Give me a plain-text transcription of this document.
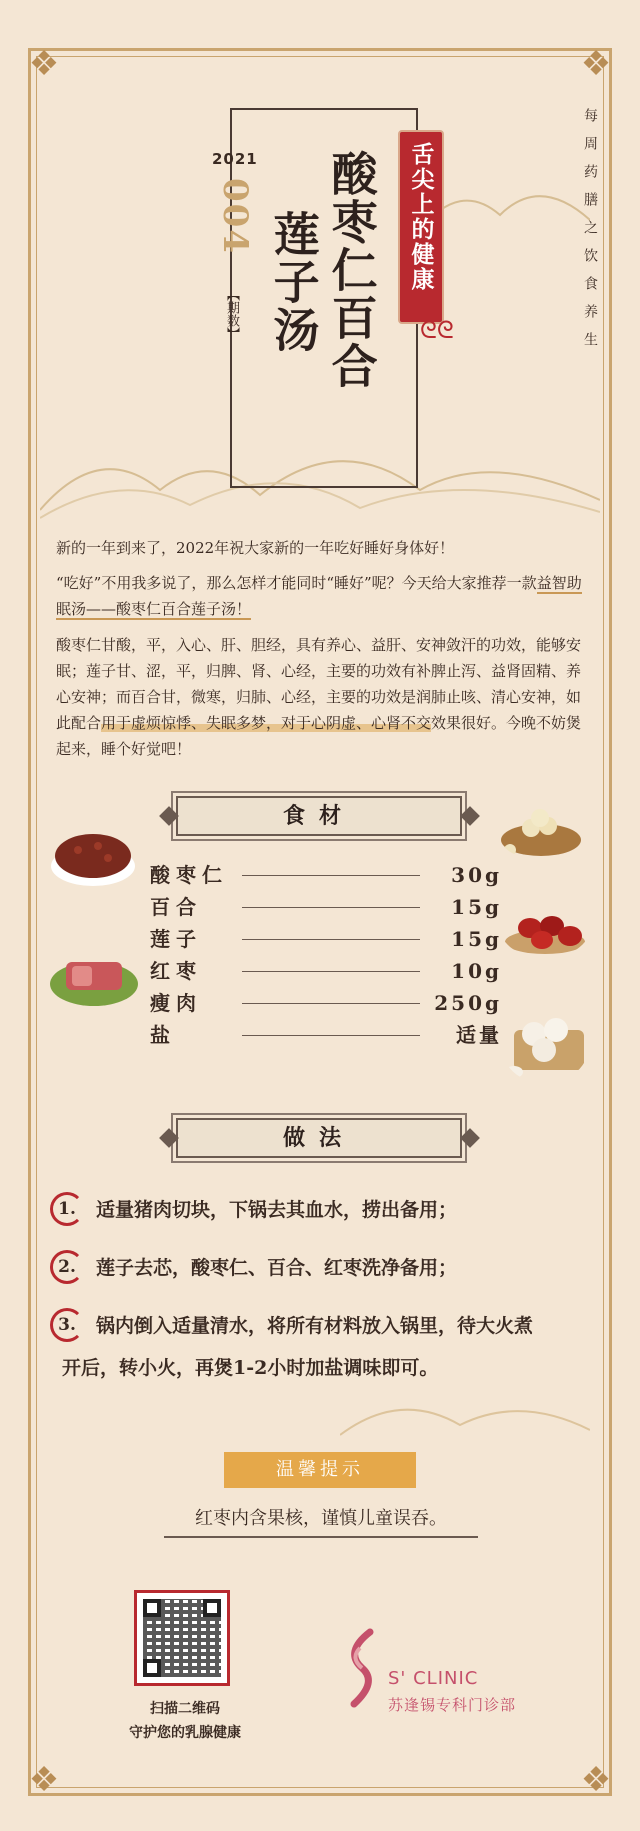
❖	❖
❖	❖
2021
004
【期数】 酸枣仁百合
莲子汤	舌尖上的健康
ᘓᘓ	每周药膳之饮食养生
新的一年到来了，2022年祝大家新的一年吃好睡好身体好！
“吃好”不用我多说了，那么怎样才能同时“睡好”呢？今天给大家推荐一款益智助眠汤——酸枣仁百合莲子汤！
酸枣仁甘酸，平，入心、肝、胆经，具有养心、益肝、安神敛汗的功效，能够安眠；莲子甘、涩，平，归脾、肾、心经，主要的功效有补脾止泻、益肾固精、养心安神；而百合甘，微寒，归肺、心经，主要的功效是润肺止咳、清心安神，如此配合用于虚烦惊悸、失眠多梦，对于心阴虚、心肾不交效果很好。今晚不妨煲起来，睡个好觉吧！
食材
酸枣仁	30g
百合	15g
莲子	15g
红枣	10g
瘦肉	250g
盐	适量
做法
1.	适量猪肉切块，下锅去其血水，捞出备用；
2.	莲子去芯，酸枣仁、百合、红枣洗净备用；
3.	锅内倒入适量清水，将所有材料放入锅里，待大火煮
开后，转小火，再煲1-2小时加盐调味即可。
温馨提示
红枣内含果核，谨慎儿童误吞。
扫描二维码
守护您的乳腺健康
S' CLINIC
苏逢锡专科门诊部
